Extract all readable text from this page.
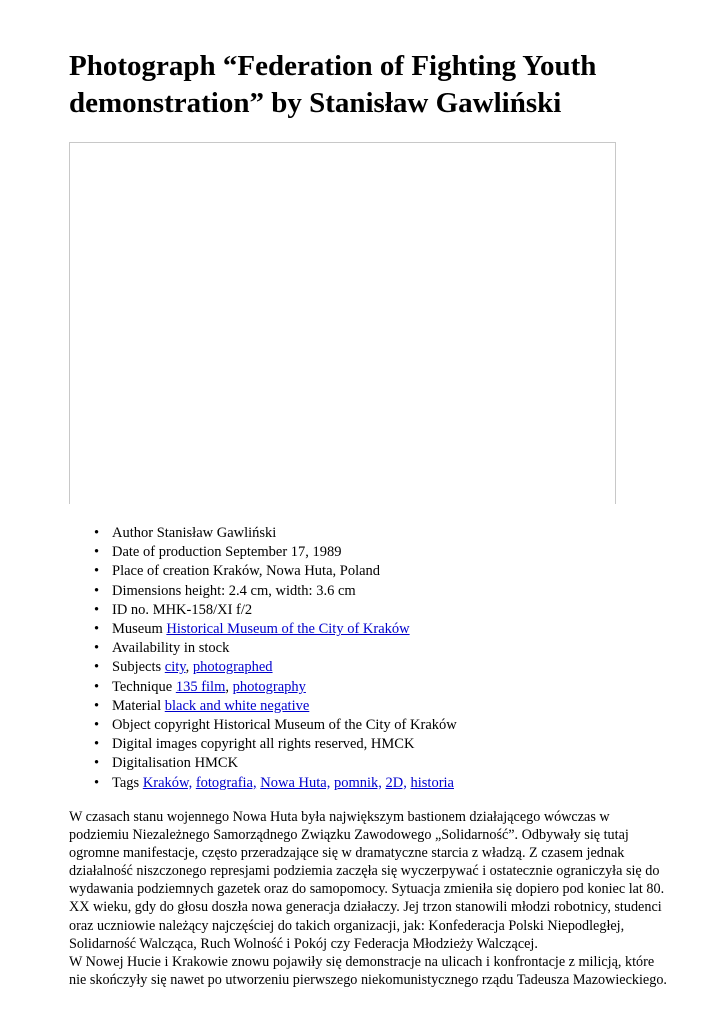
Photograph “Federation of Fighting Youth
demonstration” by Stanisław Gawliński
• Author Stanisław Gawliński
• Date of production September 17, 1989
• Place of creation Kraków, Nowa Huta, Poland
• Dimensions height: 2.4 cm, width: 3.6 cm
• ID no. MHK-158/XI f/2
• Museum Historical Museum of the City of Kraków
• Availability in stock
• Subjects city, photographed
• Technique 135 film, photography
• Material black and white negative
• Object copyright Historical Museum of the City of Kraków
• Digital images copyright all rights reserved, HMCK
• Digitalisation HMCK
• Tags Kraków, fotografia, Nowa Huta, pomnik, 2D, historia
W czasach stanu wojennego Nowa Huta była największym bastionem działającego wówczas w
podziemiu Niezależnego Samorządnego Związku Zawodowego „Solidarność”. Odbywały się tutaj
ogromne manifestacje, często przeradzające się w dramatyczne starcia z władzą. Z czasem jednak
działalność niszczonego represjami podziemia zaczęła się wyczerpywać i ostatecznie ograniczyła się do
wydawania podziemnych gazetek oraz do samopomocy. Sytuacja zmieniła się dopiero pod koniec lat 80.
XX wieku, gdy do głosu doszła nowa generacja działaczy. Jej trzon stanowili młodzi robotnicy, studenci
oraz uczniowie należący najczęściej do takich organizacji, jak: Konfederacja Polski Niepodległej,
Solidarność Walcząca, Ruch Wolność i Pokój czy Federacja Młodzieży Walczącej.
W Nowej Hucie i Krakowie znowu pojawiły się demonstracje na ulicach i konfrontacje z milicją, które
nie skończyły się nawet po utworzeniu pierwszego niekomunistycznego rządu Tadeusza Mazowieckiego.
